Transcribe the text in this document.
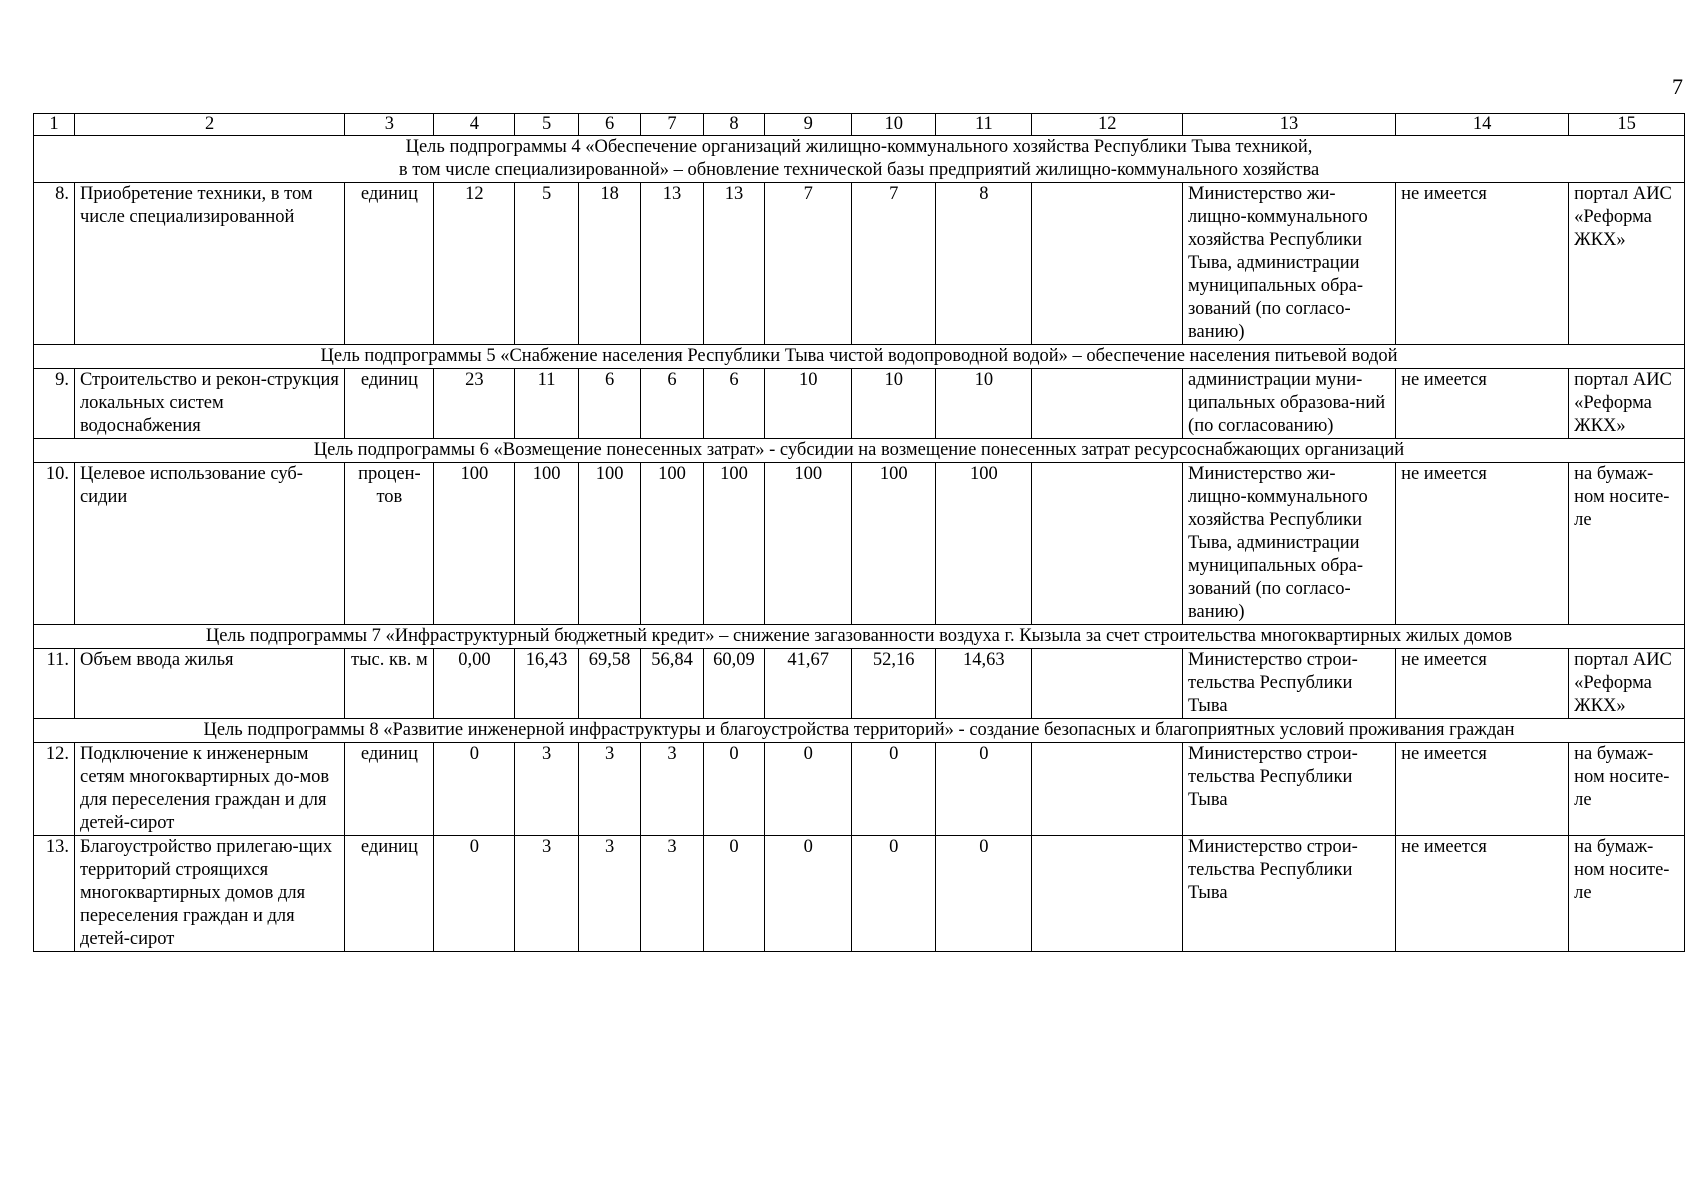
7
1	2	3	4	5	6	7	8	9	10	11	12	13	14	15

Цель подпрограммы 4 «Обеспечение организаций жилищно-коммунального хозяйства Республики Тыва техникой,
в том числе специализированной» – обновление технической базы предприятий жилищно-коммунального хозяйства														

8.	Приобретение техники, в том числе специализированной	единиц	12	5	18	13	13	7	7	8		Министерство жи-лищно-коммунального хозяйства Республики Тыва, администрации муниципальных обра-зований (по согласо-ванию)	не имеется	портал АИС «Реформа ЖКХ»

Цель подпрограммы 5 «Снабжение населения Республики Тыва чистой водопроводной водой» – обеспечение населения питьевой водой														

9.	Строительство и рекон-струкция локальных систем водоснабжения	единиц	23	11	6	6	6	10	10	10		администрации муни-ципальных образова-ний (по согласованию)	не имеется	портал АИС «Реформа ЖКХ»

Цель подпрограммы 6 «Возмещение понесенных затрат» - субсидии на возмещение понесенных затрат ресурсоснабжающих организаций														

10.	Целевое использование суб-сидии	процен-тов	100	100	100	100	100	100	100	100		Министерство жи-лищно-коммунального хозяйства Республики Тыва, администрации муниципальных обра-зований (по согласо-ванию)	не имеется	на бумаж-ном носите-ле

Цель подпрограммы 7 «Инфраструктурный бюджетный кредит» – снижение загазованности воздуха г. Кызыла за счет строительства многоквартирных жилых домов														

11.	Объем ввода жилья	тыс. кв. м	0,00	16,43	69,58	56,84	60,09	41,67	52,16	14,63		Министерство строи-тельства Республики Тыва	не имеется	портал АИС «Реформа ЖКХ»

Цель подпрограммы 8 «Развитие инженерной инфраструктуры и благоустройства территорий» - создание безопасных и благоприятных условий проживания граждан														

12.	Подключение к инженерным сетям многоквартирных до-мов для переселения граждан и для детей-сирот	единиц	0	3	3	3	0	0	0	0		Министерство строи-тельства Республики Тыва	не имеется	на бумаж-ном носите-ле
13.	Благоустройство прилегаю-щих территорий строящихся многоквартирных домов для переселения граждан и для детей-сирот	единиц	0	3	3	3	0	0	0	0		Министерство строи-тельства Республики Тыва	не имеется	на бумаж-ном носите-ле
